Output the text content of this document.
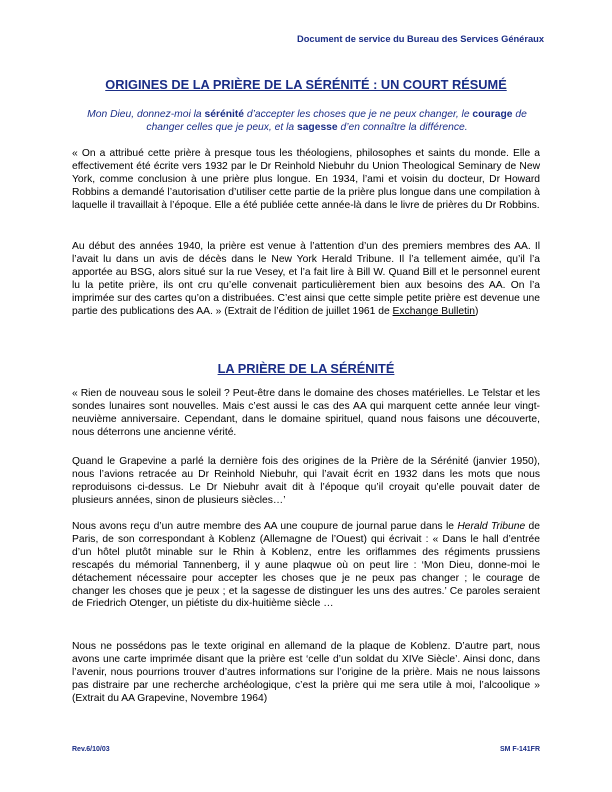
Document de service du Bureau des Services Généraux
ORIGINES DE LA PRIÈRE DE LA SÉRÉNITÉ : UN COURT RÉSUMÉ
Mon Dieu, donnez-moi la sérénité d’accepter les choses que je ne peux changer, le courage de changer celles que je peux, et la sagesse d’en connaître la différence.

« On a attribué cette prière à presque tous les théologiens, philosophes et saints du monde. Elle a effectivement été écrite vers 1932 par le Dr Reinhold Niebuhr du Union Theological Seminary de New York, comme conclusion à une prière plus longue. En 1934, l’ami et voisin du docteur, Dr Howard Robbins a demandé l’autorisation d’utiliser cette partie de la prière plus longue dans une compilation à laquelle il travaillait à l’époque. Elle a été publiée cette année-là dans le livre de prières du Dr Robbins.

Au début des années 1940, la prière est venue à l’attention d’un des premiers membres des AA. Il l’avait lu dans un avis de décès dans le New York Herald Tribune. Il l’a tellement aimée, qu’il l’a apportée au BSG, alors situé sur la rue Vesey, et l’a fait lire à Bill W. Quand Bill et le personnel eurent lu la petite prière, ils ont cru qu’elle convenait particulièrement bien aux besoins des AA. On l’a imprimée sur des cartes qu’on a distribuées. C’est ainsi que cette simple petite prière est devenue une partie des publications des AA. » (Extrait de l’édition de juillet 1961 de Exchange Bulletin)

LA PRIÈRE DE LA SÉRÉNITÉ

« Rien de nouveau sous le soleil ? Peut-être dans le domaine des choses matérielles. Le Telstar et les sondes lunaires sont nouvelles. Mais c’est aussi le cas des AA qui marquent cette année leur vingt-neuvième anniversaire. Cependant, dans le domaine spirituel, quand nous faisons une découverte, nous déterrons une ancienne vérité.

Quand le Grapevine a parlé la dernière fois des origines de la Prière de la Sérénité (janvier 1950), nous l’avions retracée au Dr Reinhold Niebuhr, qui l’avait écrit en 1932 dans les mots que nous reproduisons ci-dessus. Le Dr Niebuhr avait dit à l’époque qu’il croyait qu’elle pouvait dater de plusieurs années, sinon de plusieurs siècles…’

Nous avons reçu d’un autre membre des AA une coupure de journal parue dans le Herald Tribune de Paris, de son correspondant à Koblenz (Allemagne de l’Ouest) qui écrivait : « Dans le hall d’entrée d’un hôtel plutôt minable sur le Rhin à Koblenz, entre les oriflammes des régiments prussiens rescapés du mémorial Tannenberg, il y aune plaqwue où on peut lire : ‘Mon Dieu, donne-moi le détachement nécessaire pour accepter les choses que je ne peux pas changer ; le courage de changer les choses que je peux ; et la sagesse de distinguer les uns des autres.’ Ce paroles seraient de Friedrich Otenger, un piétiste du dix-huitième siècle …

Nous ne possédons pas le texte original en allemand de la plaque de Koblenz. D’autre part, nous avons une carte imprimée disant que la prière est ‘celle d’un soldat du XIVe Siècle’. Ainsi donc, dans l’avenir, nous pourrions trouver d’autres informations sur l’origine de la prière. Mais ne nous laissons pas distraire par une recherche archéologique, c’est la prière qui me sera utile à moi, l’alcoolique » (Extrait du AA Grapevine, Novembre 1964)

Rev.6/10/03	SM F-141FR
